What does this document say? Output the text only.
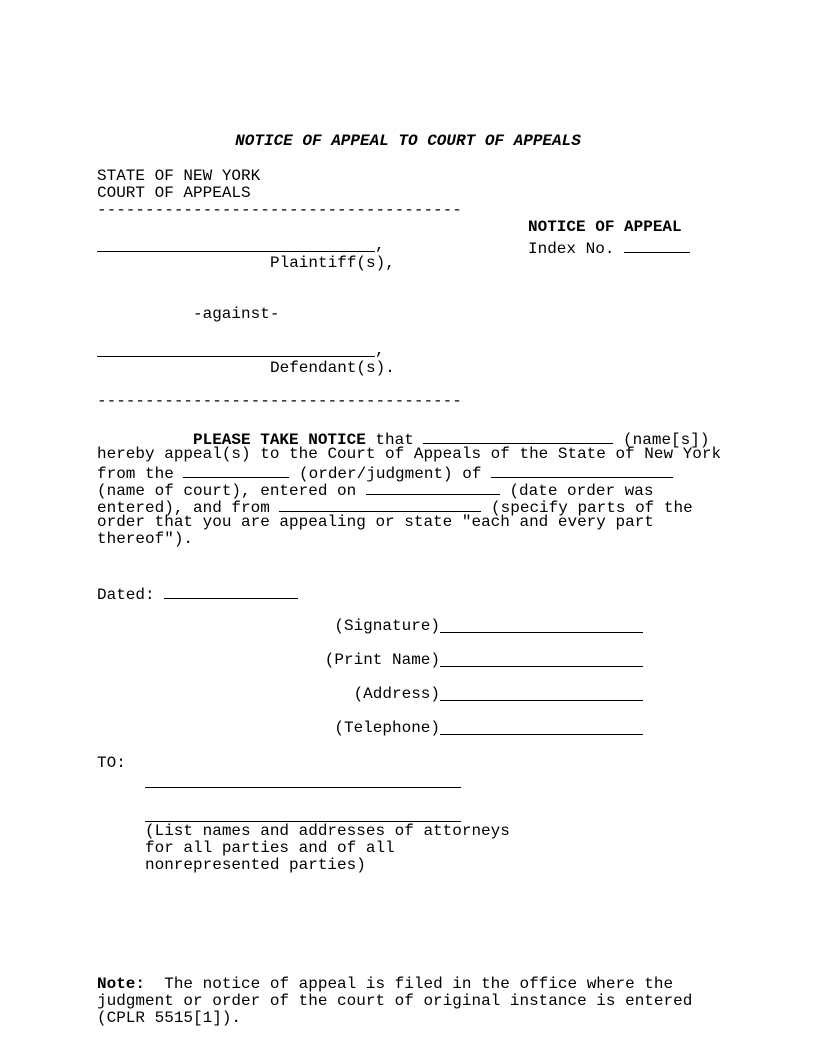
NOTICE OF APPEAL TO COURT OF APPEALS
STATE OF NEW YORK
COURT OF APPEALS
--------------------------------------
NOTICE OF APPEAL
Index No.
,
Plaintiff(s),
-against-
,
Defendant(s).
--------------------------------------
PLEASE TAKE NOTICE that	(name[s])
hereby appeal(s) to the Court of Appeals of the State of New York
from the	(order/judgment) of
(name of court), entered on	(date order was
entered), and from	(specify parts of the
order that you are appealing or state "each and every part
thereof").
Dated:
(Signature)
(Print Name)
(Address)
(Telephone)
TO:
(List names and addresses of attorneys
for all parties and of all
nonrepresented parties)
Note:  The notice of appeal is filed in the office where the
judgment or order of the court of original instance is entered
(CPLR 5515[1]).
